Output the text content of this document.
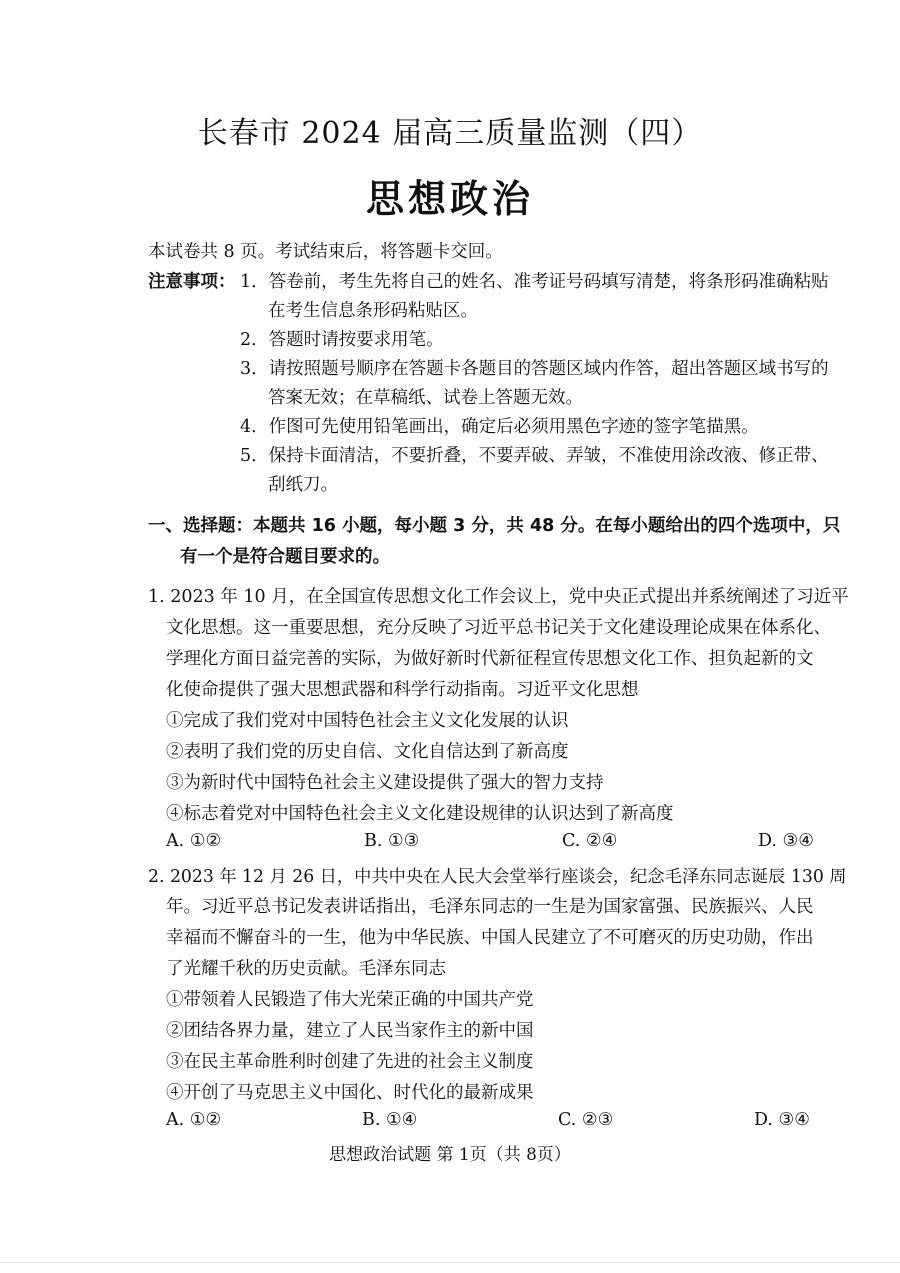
长春市 2024 届高三质量监测（四）
思想政治
本试卷共 8 页。考试结束后，将答题卡交回。
注意事项： 1．答卷前，考生先将自己的姓名、准考证号码填写清楚，将条形码准确粘贴
在考生信息条形码粘贴区。
2．答题时请按要求用笔。
3．请按照题号顺序在答题卡各题目的答题区域内作答，超出答题区域书写的
答案无效；在草稿纸、试卷上答题无效。
4．作图可先使用铅笔画出，确定后必须用黑色字迹的签字笔描黑。
5．保持卡面清洁，不要折叠，不要弄破、弄皱，不准使用涂改液、修正带、
刮纸刀。
一、选择题：本题共 16 小题，每小题 3 分，共 48 分。在每小题给出的四个选项中，只
有一个是符合题目要求的。
1. 2023 年 10 月，在全国宣传思想文化工作会议上，党中央正式提出并系统阐述了习近平
文化思想。这一重要思想，充分反映了习近平总书记关于文化建设理论成果在体系化、
学理化方面日益完善的实际，为做好新时代新征程宣传思想文化工作、担负起新的文
化使命提供了强大思想武器和科学行动指南。习近平文化思想
①完成了我们党对中国特色社会主义文化发展的认识
②表明了我们党的历史自信、文化自信达到了新高度
③为新时代中国特色社会主义建设提供了强大的智力支持
④标志着党对中国特色社会主义文化建设规律的认识达到了新高度
A. ①②	B. ①③	C. ②④	D. ③④
2. 2023 年 12 月 26 日，中共中央在人民大会堂举行座谈会，纪念毛泽东同志诞辰 130 周
年。习近平总书记发表讲话指出，毛泽东同志的一生是为国家富强、民族振兴、人民
幸福而不懈奋斗的一生，他为中华民族、中国人民建立了不可磨灭的历史功勋，作出
了光耀千秋的历史贡献。毛泽东同志
①带领着人民锻造了伟大光荣正确的中国共产党
②团结各界力量，建立了人民当家作主的新中国
③在民主革命胜利时创建了先进的社会主义制度
④开创了马克思主义中国化、时代化的最新成果
A. ①②	B. ①④	C. ②③	D. ③④
思想政治试题 第 1页（共 8页）
